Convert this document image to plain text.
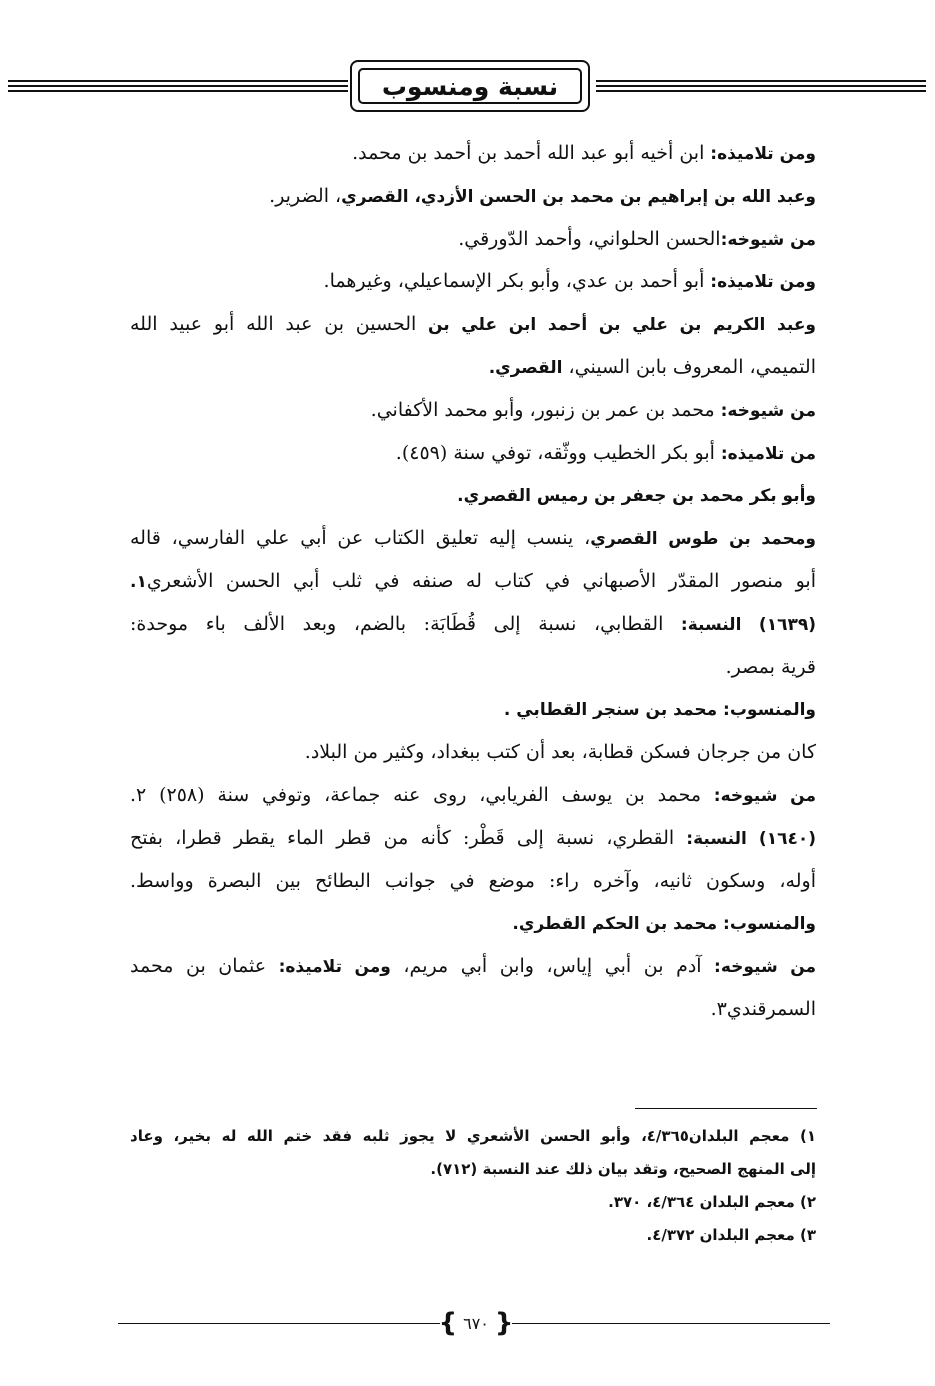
نسبة ومنسوب
ومن تلاميذه: ابن أخيه أبو عبد الله أحمد بن أحمد بن محمد.
وعبد الله بن إبراهيم بن محمد بن الحسن الأزدي، القصري، الضرير.
من شيوخه:الحسن الحلواني، وأحمد الدّورقي.
ومن تلاميذه: أبو أحمد بن عدي، وأبو بكر الإسماعيلي، وغيرهما.
وعبد الكريم بن علي بن أحمد ابن علي بن الحسين بن عبد الله أبو عبيد الله
التميمي، المعروف بابن السيني، القصري.
من شيوخه: محمد بن عمر بن زنبور، وأبو محمد الأكفاني.
من تلاميذه: أبو بكر الخطيب ووثّقه، توفي سنة (٤٥٩).
وأبو بكر محمد بن جعفر بن رميس القصري.
ومحمد بن طوس القصري، ينسب إليه تعليق الكتاب عن أبي علي الفارسي، قاله
أبو منصور المقدّر الأصبهاني في كتاب له صنفه في ثلب أبي الحسن الأشعري١.
(١٦٣٩) النسبة: القطابي، نسبة إلى قُطَابَة: بالضم، وبعد الألف باء موحدة:
قرية بمصر.
والمنسوب: محمد بن سنجر القطابي .
كان من جرجان فسكن قطابة، بعد أن كتب ببغداد، وكثير من البلاد.
من شيوخه: محمد بن يوسف الفريابي، روى عنه جماعة، وتوفي سنة (٢٥٨) ٢.
(١٦٤٠) النسبة: القطري، نسبة إلى قَطْر: كأنه من قطر الماء يقطر قطرا، بفتح
أوله، وسكون ثانيه، وآخره راء: موضع في جوانب البطائح بين البصرة وواسط.
والمنسوب: محمد بن الحكم القطري.
من شيوخه: آدم بن أبي إياس، وابن أبي مريم، ومن تلاميذه: عثمان بن محمد
السمرقندي٣.
١) معجم البلدان٤/٣٦٥، وأبو الحسن الأشعري لا يجوز ثلبه فقد ختم الله له بخير، وعاد
إلى المنهج الصحيح، وتقد بيان ذلك عند النسبة (٧١٢).
٢) معجم البلدان ٤/٣٦٤، ٣٧٠.
٣) معجم البلدان ٤/٣٧٢.
{ ٦٧٠ }
